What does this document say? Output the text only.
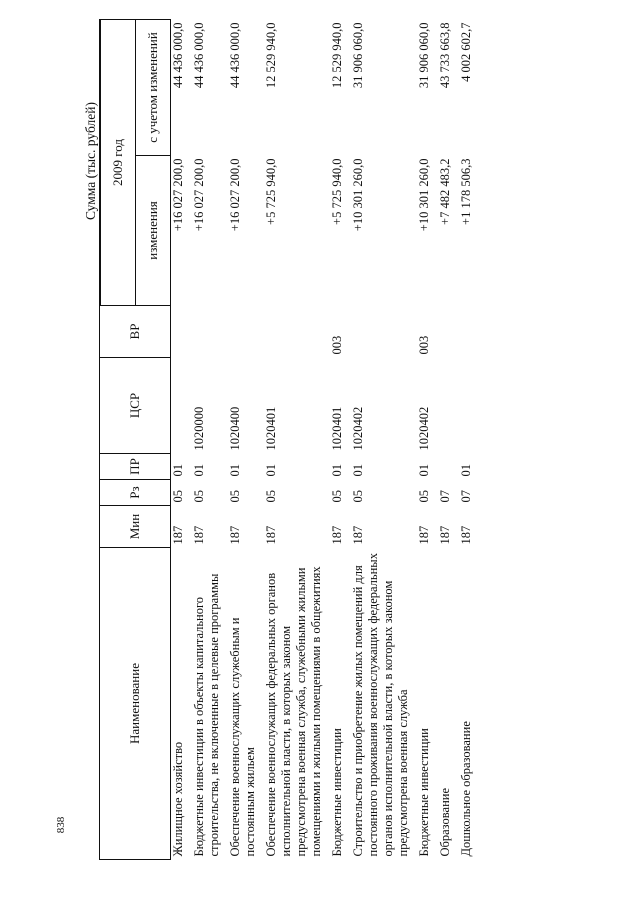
838
Сумма (тыс. рублей)
Наименование	Мин	Рз	ПР	ЦСР	ВР		
						2009 год	
						изменения	с учетом изменений
Жилищное хозяйство	187	05	01			+16 027 200,0	44 436 000,0
Бюджетные инвестиции в объекты капитального строительства, не включенные в целевые программы	187	05	01	1020000		+16 027 200,0	44 436 000,0
Обеспечение военнослужащих служебным и постоянным жильем	187	05	01	1020400		+16 027 200,0	44 436 000,0
Обеспечение военнослужащих федеральных органов исполнительной власти, в которых законом предусмотрена военная служба, служебными жилыми помещениями и жилыми помещениями в общежитиях	187	05	01	1020401		+5 725 940,0	12 529 940,0
Бюджетные инвестиции	187	05	01	1020401	003	+5 725 940,0	12 529 940,0
Строительство и приобретение жилых помещений для постоянного проживания военнослужащих федеральных органов исполнительной власти, в которых законом предусмотрена военная служба	187	05	01	1020402		+10 301 260,0	31 906 060,0
Бюджетные инвестиции	187	05	01	1020402	003	+10 301 260,0	31 906 060,0
Образование	187	07				+7 482 483,2	43 733 663,8
Дошкольное образование	187	07	01			+1 178 506,3	4 002 602,7
